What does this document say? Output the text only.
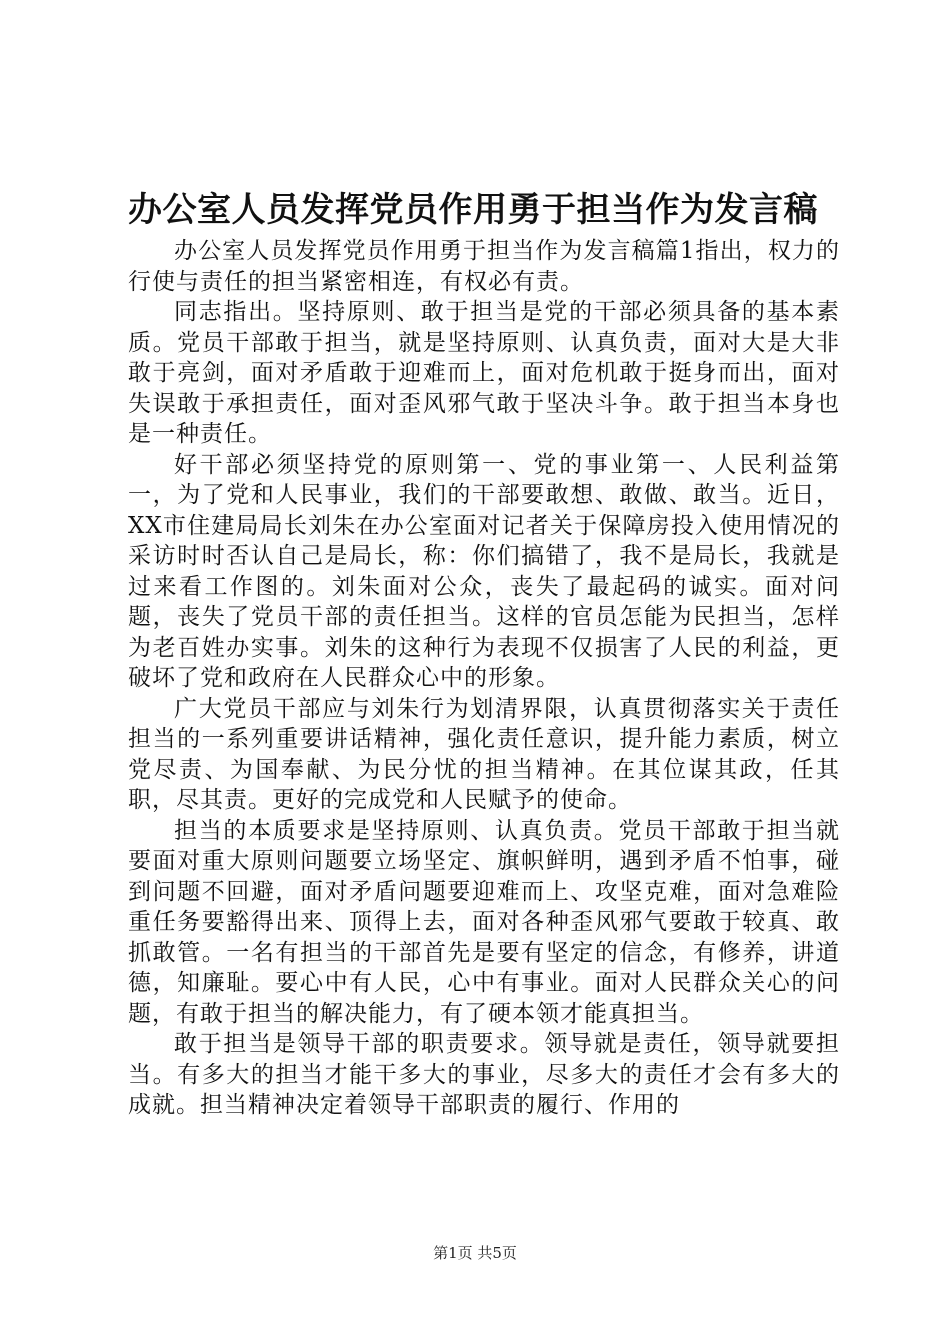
办公室人员发挥党员作用勇于担当作为发言稿

办公室人员发挥党员作用勇于担当作为发言稿篇1指出，权力的行使与责任的担当紧密相连，有权必有责。

同志指出。坚持原则、敢于担当是党的干部必须具备的基本素质。党员干部敢于担当，就是坚持原则、认真负责，面对大是大非敢于亮剑，面对矛盾敢于迎难而上，面对危机敢于挺身而出，面对失误敢于承担责任，面对歪风邪气敢于坚决斗争。敢于担当本身也是一种责任。

好干部必须坚持党的原则第一、党的事业第一、人民利益第一，为了党和人民事业，我们的干部要敢想、敢做、敢当。近日，XX市住建局局长刘朱在办公室面对记者关于保障房投入使用情况的采访时时否认自己是局长，称：你们搞错了，我不是局长，我就是过来看工作图的。刘朱面对公众，丧失了最起码的诚实。面对问题，丧失了党员干部的责任担当。这样的官员怎能为民担当，怎样为老百姓办实事。刘朱的这种行为表现不仅损害了人民的利益，更破坏了党和政府在人民群众心中的形象。

广大党员干部应与刘朱行为划清界限，认真贯彻落实关于责任担当的一系列重要讲话精神，强化责任意识，提升能力素质，树立党尽责、为国奉献、为民分忧的担当精神。在其位谋其政，任其职，尽其责。更好的完成党和人民赋予的使命。

担当的本质要求是坚持原则、认真负责。党员干部敢于担当就要面对重大原则问题要立场坚定、旗帜鲜明，遇到矛盾不怕事，碰到问题不回避，面对矛盾问题要迎难而上、攻坚克难，面对急难险重任务要豁得出来、顶得上去，面对各种歪风邪气要敢于较真、敢抓敢管。一名有担当的干部首先是要有坚定的信念，有修养，讲道德，知廉耻。要心中有人民，心中有事业。面对人民群众关心的问题，有敢于担当的解决能力，有了硬本领才能真担当。

敢于担当是领导干部的职责要求。领导就是责任，领导就要担当。有多大的担当才能干多大的事业，尽多大的责任才会有多大的成就。担当精神决定着领导干部职责的履行、作用的

第1页 共5页
